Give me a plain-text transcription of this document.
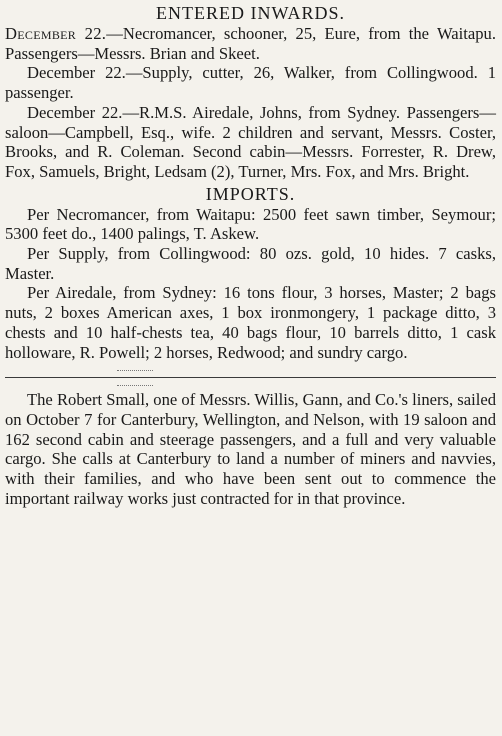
ENTERED INWARDS.

December 22.—Necromancer, schooner, 25, Eure, from the Waitapu. Passengers—Messrs. Brian and Skeet.

December 22.—Supply, cutter, 26, Walker, from Collingwood. 1 passenger.

December 22.—R.M.S. Airedale, Johns, from Sydney. Passengers—saloon—Campbell, Esq., wife. 2 children and servant, Messrs. Coster, Brooks, and R. Coleman. Second cabin—Messrs. Forrester, R. Drew, Fox, Samuels, Bright, Ledsam (2), Turner, Mrs. Fox, and Mrs. Bright.

IMPORTS.

Per Necromancer, from Waitapu: 2500 feet sawn timber, Seymour; 5300 feet do., 1400 palings, T. Askew.

Per Supply, from Collingwood: 80 ozs. gold, 10 hides. 7 casks, Master.

Per Airedale, from Sydney: 16 tons flour, 3 horses, Master; 2 bags nuts, 2 boxes American axes, 1 box ironmongery, 1 package ditto, 3 chests and 10 half-chests tea, 40 bags flour, 10 barrels ditto, 1 cask holloware, R. Powell; 2 horses, Redwood; and sundry cargo.

The Robert Small, one of Messrs. Willis, Gann, and Co.'s liners, sailed on October 7 for Canterbury, Wellington, and Nelson, with 19 saloon and 162 second cabin and steerage passengers, and a full and very valuable cargo. She calls at Canterbury to land a number of miners and navvies, with their families, and who have been sent out to commence the important railway works just contracted for in that province.
